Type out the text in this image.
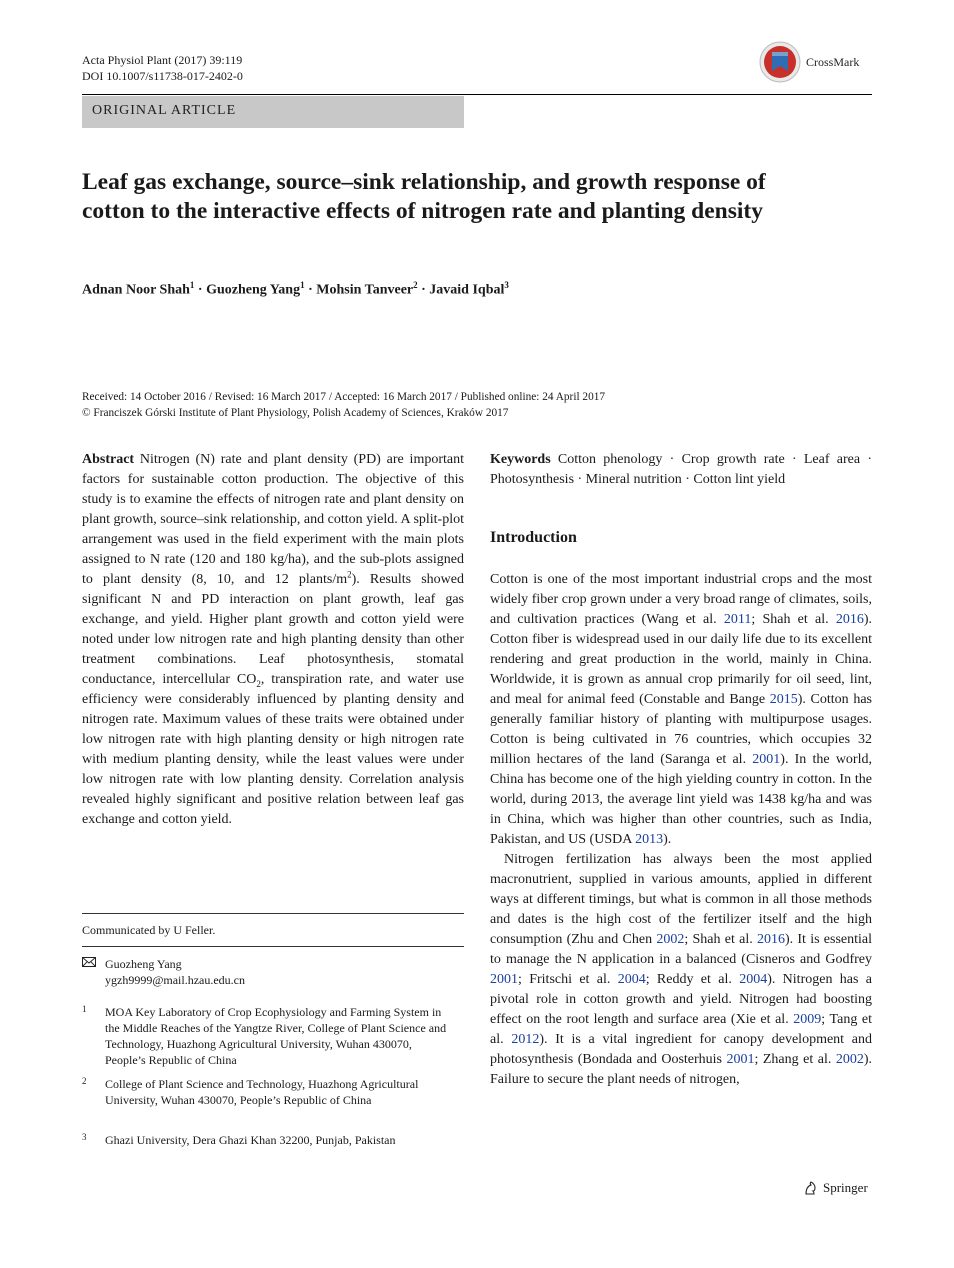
Acta Physiol Plant (2017) 39:119
DOI 10.1007/s11738-017-2402-0
CrossMark
ORIGINAL ARTICLE
Leaf gas exchange, source–sink relationship, and growth response of cotton to the interactive effects of nitrogen rate and planting density
Adnan Noor Shah$^1$ · Guozheng Yang$^1$ · Mohsin Tanveer$^2$ · Javaid Iqbal$^3$
Received: 14 October 2016 / Revised: 16 March 2017 / Accepted: 16 March 2017 / Published online: 24 April 2017
© Franciszek Górski Institute of Plant Physiology, Polish Academy of Sciences, Kraków 2017

Abstract Nitrogen (N) rate and plant density (PD) are important factors for sustainable cotton production. The objective of this study is to examine the effects of nitrogen rate and plant density on plant growth, source–sink relationship, and cotton yield. A split-plot arrangement was used in the field experiment with the main plots assigned to N rate (120 and 180 kg/ha), and the sub-plots assigned to plant density (8, 10, and 12 plants/$m^2$). Results showed significant N and PD interaction on plant growth, leaf gas exchange, and yield. Higher plant growth and cotton yield were noted under low nitrogen rate and high planting density than other treatment combinations. Leaf photosynthesis, stomatal conductance, intercellular $CO_2$, transpiration rate, and water use efficiency were considerably influenced by planting density and nitrogen rate. Maximum values of these traits were obtained under low nitrogen rate with high planting density or high nitrogen rate with medium planting density, while the least values were under low nitrogen rate with low planting density. Correlation analysis revealed highly significant and positive relation between leaf gas exchange and cotton yield.

Keywords Cotton phenology · Crop growth rate · Leaf area · Photosynthesis · Mineral nutrition · Cotton lint yield

Introduction

Cotton is one of the most important industrial crops and the most widely fiber crop grown under a very broad range of climates, soils, and cultivation practices (Wang et al. 2011; Shah et al. 2016). Cotton fiber is widespread used in our daily life due to its excellent rendering and great production in the world, mainly in China. Worldwide, it is grown as annual crop primarily for oil seed, lint, and meal for animal feed (Constable and Bange 2015). Cotton has generally familiar history of planting with multipurpose usages. Cotton is being cultivated in 76 countries, which occupies 32 million hectares of the land (Saranga et al. 2001). In the world, China has become one of the high yielding country in cotton. In the world, during 2013, the average lint yield was 1438 kg/ha and was in China, which was higher than other countries, such as India, Pakistan, and US (USDA 2013).

Nitrogen fertilization has always been the most applied macronutrient, supplied in various amounts, applied in different ways at different timings, but what is common in all those methods and dates is the high cost of the fertilizer itself and the high consumption (Zhu and Chen 2002; Shah et al. 2016). It is essential to manage the N application in a balanced (Cisneros and Godfrey 2001; Fritschi et al. 2004; Reddy et al. 2004). Nitrogen has a pivotal role in cotton growth and yield. Nitrogen had boosting effect on the root length and surface area (Xie et al. 2009; Tang et al. 2012). It is a vital ingredient for canopy development and photosynthesis (Bondada and Oosterhuis 2001; Zhang et al. 2002). Failure to secure the plant needs of nitrogen,

Communicated by U Feller.
Guozheng Yang
ygzh9999@mail.hzau.edu.cn
1 MOA Key Laboratory of Crop Ecophysiology and Farming System in the Middle Reaches of the Yangtze River, College of Plant Science and Technology, Huazhong Agricultural University, Wuhan 430070, People’s Republic of China
2 College of Plant Science and Technology, Huazhong Agricultural University, Wuhan 430070, People’s Republic of China
3 Ghazi University, Dera Ghazi Khan 32200, Punjab, Pakistan
Springer
